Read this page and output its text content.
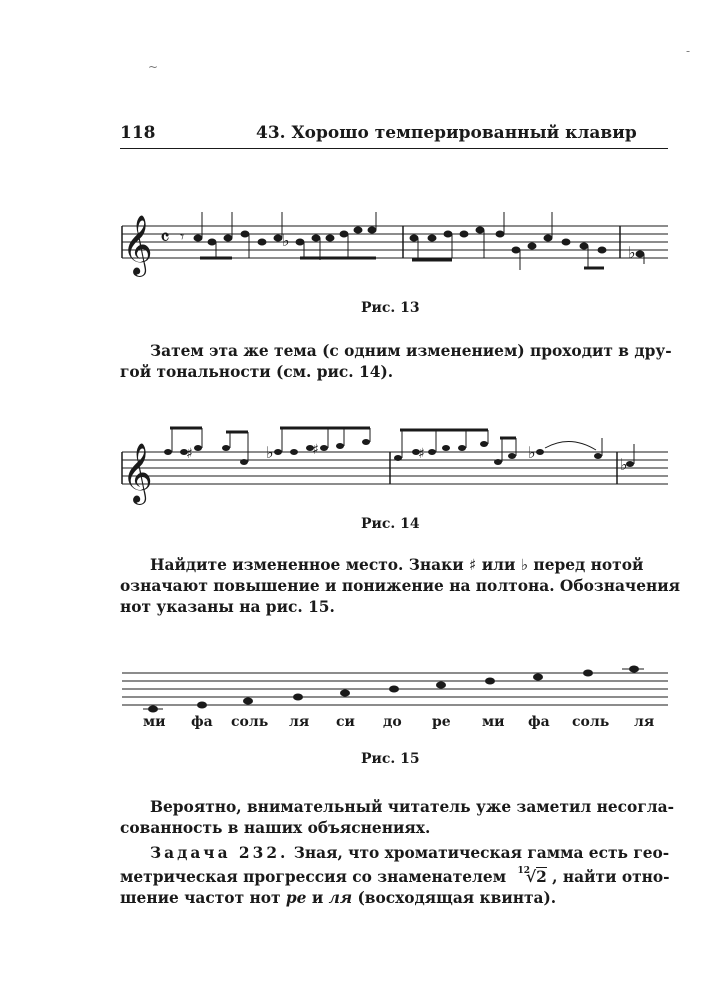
~
-
118	43. Хорошо темперированный клавир
𝄞 𝄴 𝄾	♭
♭
Рис. 13
Затем эта же тема (с одним изменением) проходит в дру-
гой тональности (см. рис. 14).
𝄞 ♯	♭	♯	♯	♭
♭
Рис. 14
Найдите измененное место. Знаки ♯ или ♭ перед нотой
означают повышение и понижение на полтона. Обозначения
нот указаны на рис. 15.
ми фа соль ля си до ре ми фа соль ля
Рис. 15
Вероятно, внимательный читатель уже заметил несогла-
сованность в наших объяснениях.
Задача 232. Зная, что хроматическая гамма есть гео-
метрическая прогрессия со знаменателем $^{12}$√2 , найти отно-
шение частот нот ре и ля (восходящая квинта).
